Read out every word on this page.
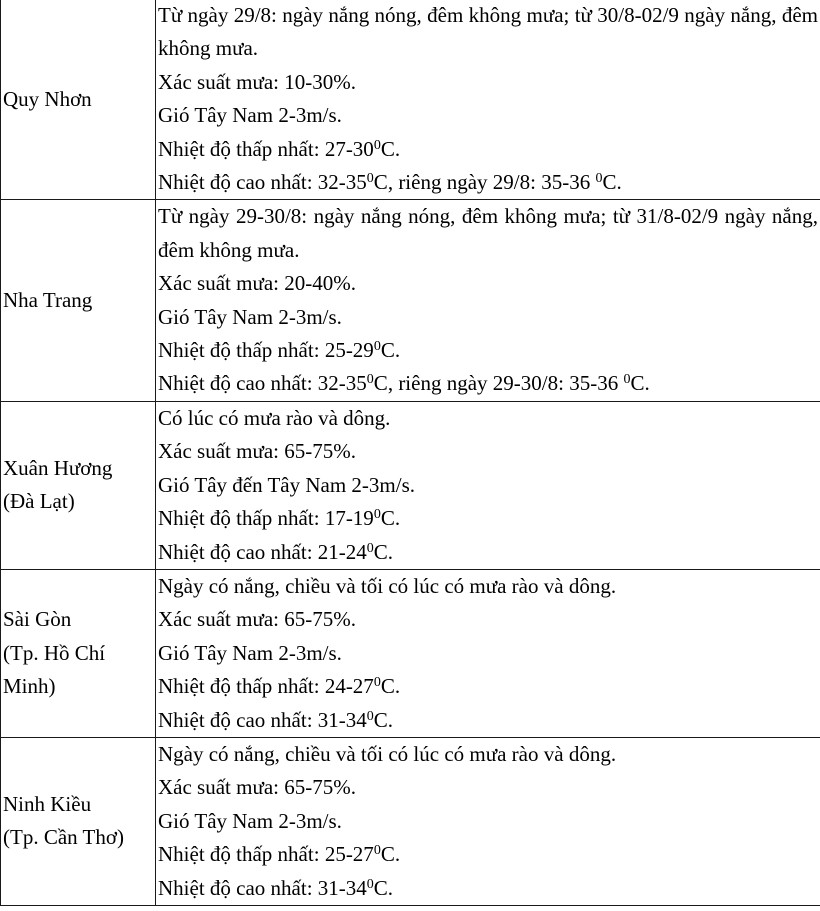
Quy Nhơn	Từ ngày 29/8: ngày nắng nóng, đêm không mưa; từ 30/8-02/9 ngày nắng, đêm không mưa.
Xác suất mưa: 10-30%.
Gió Tây Nam 2-3m/s.
Nhiệt độ thấp nhất: $27-30^0C$.
Nhiệt độ cao nhất: $32-35^0C$, riêng ngày 29/8: 35-36 $^0$C.

Nha Trang	Từ ngày 29-30/8: ngày nắng nóng, đêm không mưa; từ 31/8-02/9 ngày nắng, đêm không mưa.
Xác suất mưa: 20-40%.
Gió Tây Nam 2-3m/s.
Nhiệt độ thấp nhất: $25-29^0C$.
Nhiệt độ cao nhất: $32-35^0C$, riêng ngày 29-30/8: 35-36 $^0$C.

Xuân Hương
(Đà Lạt)	Có lúc có mưa rào và dông.
Xác suất mưa: 65-75%.
Gió Tây đến Tây Nam 2-3m/s.
Nhiệt độ thấp nhất: $17-19^0C$.
Nhiệt độ cao nhất: $21-24^0C$.

Sài Gòn
(Tp. Hồ Chí
Minh)	Ngày có nắng, chiều và tối có lúc có mưa rào và dông.
Xác suất mưa: 65-75%.
Gió Tây Nam 2-3m/s.
Nhiệt độ thấp nhất: $24-27^0C$.
Nhiệt độ cao nhất: $31-34^0C$.

Ninh Kiều
(Tp. Cần Thơ)	Ngày có nắng, chiều và tối có lúc có mưa rào và dông.
Xác suất mưa: 65-75%.
Gió Tây Nam 2-3m/s.
Nhiệt độ thấp nhất: $25-27^0C$.
Nhiệt độ cao nhất: $31-34^0C$.
